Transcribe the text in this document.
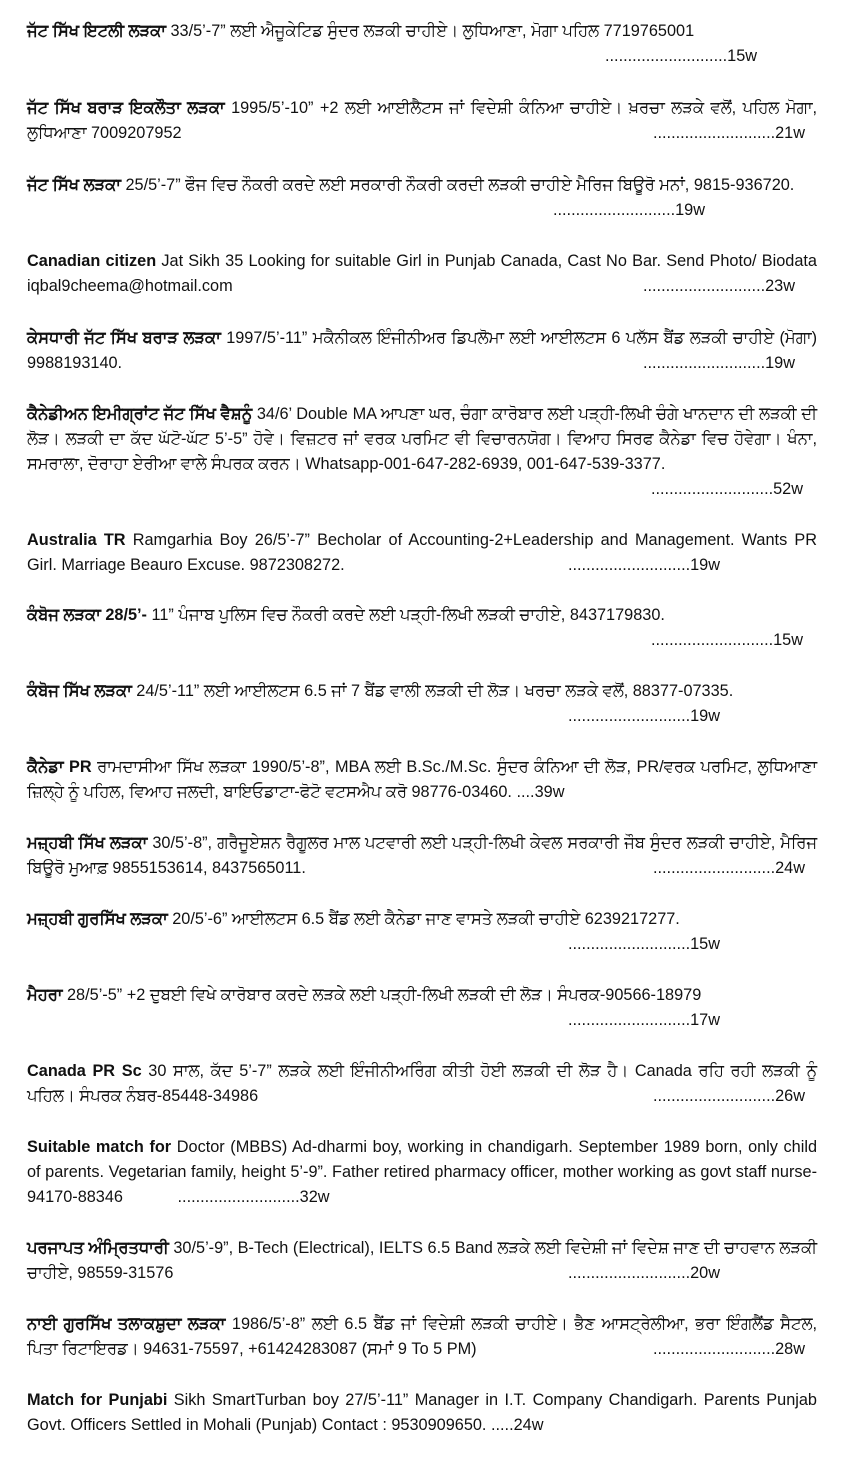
ਜੱਟ ਸਿੱਖ ਇਟਲੀ ਲੜਕਾ 33/5’-7” ਲਈ ਐਜੂਕੇਟਿਡ ਸੁੰਦਰ ਲੜਕੀ ਚਾਹੀਏ। ਲੁਧਿਆਣਾ, ਮੋਗਾ ਪਹਿਲ 7719765001
...........................15w
ਜੱਟ ਸਿੱਖ ਬਰਾੜ ਇਕਲੌਤਾ ਲੜਕਾ 1995/5’-10” +2 ਲਈ ਆਈਲੈਟਸ ਜਾਂ ਵਿਦੇਸ਼ੀ ਕੰਨਿਆ ਚਾਹੀਏ। ਖ਼ਰਚਾ ਲੜਕੇ ਵਲੋਂ, ਪਹਿਲ ਮੋਗਾ, ਲੁਧਿਆਣਾ 7009207952	...........................21w
ਜੱਟ ਸਿੱਖ ਲੜਕਾ 25/5’-7” ਫੌਜ ਵਿਚ ਨੌਕਰੀ ਕਰਦੇ ਲਈ ਸਰਕਾਰੀ ਨੌਕਰੀ ਕਰਦੀ ਲੜਕੀ ਚਾਹੀਏ ਮੈਰਿਜ ਬਿਊਰੋ ਮਨਾਂ, 9815-936720.
...........................19w
Canadian citizen Jat Sikh 35 Looking for suitable Girl in Punjab Canada, Cast No Bar. Send Photo/ Biodata iqbal9cheema@hotmail.com	...........................23w
ਕੇਸਧਾਰੀ ਜੱਟ ਸਿੱਖ ਬਰਾੜ ਲੜਕਾ 1997/5’-11” ਮਕੈਨੀਕਲ ਇੰਜੀਨੀਅਰ ਡਿਪਲੋਮਾ ਲਈ ਆਈਲਟਸ 6 ਪਲੱਸ ਬੈਂਡ ਲੜਕੀ ਚਾਹੀਏ (ਮੋਗਾ) 9988193140.	...........................19w
ਕੈਨੇਡੀਅਨ ਇਮੀਗ੍ਰਾਂਟ ਜੱਟ ਸਿੱਖ ਵੈਸ਼ਨੂੰ 34/6’ Double MA ਆਪਣਾ ਘਰ, ਚੰਗਾ ਕਾਰੋਬਾਰ ਲਈ ਪੜ੍ਹੀ-ਲਿਖੀ ਚੰਗੇ ਖਾਨਦਾਨ ਦੀ ਲੜਕੀ ਦੀ ਲੋੜ। ਲੜਕੀ ਦਾ ਕੱਦ ਘੱਟੋ-ਘੱਟ 5’-5” ਹੋਵੇ। ਵਿਜ਼ਟਰ ਜਾਂ ਵਰਕ ਪਰਮਿਟ ਵੀ ਵਿਚਾਰਨਯੋਗ। ਵਿਆਹ ਸਿਰਫ ਕੈਨੇਡਾ ਵਿਚ ਹੋਵੇਗਾ। ਖੰਨਾ, ਸਮਰਾਲਾ, ਦੋਰਾਹਾ ਏਰੀਆ ਵਾਲੇ ਸੰਪਰਕ ਕਰਨ। Whatsapp-001-647-282-6939, 001-647-539-3377.
...........................52w
Australia TR Ramgarhia Boy 26/5’-7” Becholar of Accounting-2+Leadership and Management. Wants PR Girl. Marriage Beauro Excuse. 9872308272.	...........................19w
ਕੰਬੋਜ ਲੜਕਾ 28/5’- 11” ਪੰਜਾਬ ਪੁਲਿਸ ਵਿਚ ਨੌਕਰੀ ਕਰਦੇ ਲਈ ਪੜ੍ਹੀ-ਲਿਖੀ ਲੜਕੀ ਚਾਹੀਏ, 8437179830.
...........................15w
ਕੰਬੋਜ ਸਿੱਖ ਲੜਕਾ 24/5’-11” ਲਈ ਆਈਲਟਸ 6.5 ਜਾਂ 7 ਬੈਂਡ ਵਾਲੀ ਲੜਕੀ ਦੀ ਲੋੜ। ਖਰਚਾ ਲੜਕੇ ਵਲੋਂ, 88377-07335.
...........................19w
ਕੈਨੇਡਾ PR ਰਾਮਦਾਸੀਆ ਸਿੱਖ ਲੜਕਾ 1990/5’-8”, MBA ਲਈ B.Sc./M.Sc. ਸੁੰਦਰ ਕੰਨਿਆ ਦੀ ਲੋੜ, PR/ਵਰਕ ਪਰਮਿਟ, ਲੁਧਿਆਣਾ ਜ਼ਿਲ੍ਹੇ ਨੂੰ ਪਹਿਲ, ਵਿਆਹ ਜਲਦੀ, ਬਾਇਓਡਾਟਾ-ਫੋਟੋ ਵਟਸਐਪ ਕਰੋ 98776-03460. ....39w
ਮਜ਼੍ਹਬੀ ਸਿੱਖ ਲੜਕਾ 30/5’-8”, ਗਰੈਜੂਏਸ਼ਨ ਰੈਗੂਲਰ ਮਾਲ ਪਟਵਾਰੀ ਲਈ ਪੜ੍ਹੀ-ਲਿਖੀ ਕੇਵਲ ਸਰਕਾਰੀ ਜੌਬ ਸੁੰਦਰ ਲੜਕੀ ਚਾਹੀਏ, ਮੈਰਿਜ ਬਿਊਰੋ ਮੁਆਫ਼ 9855153614, 8437565011.	...........................24w
ਮਜ਼੍ਹਬੀ ਗੁਰਸਿੱਖ ਲੜਕਾ 20/5’-6” ਆਈਲਟਸ 6.5 ਬੈਂਡ ਲਈ ਕੈਨੇਡਾ ਜਾਣ ਵਾਸਤੇ ਲੜਕੀ ਚਾਹੀਏ 6239217277.
...........................15w
ਮੈਹਰਾ 28/5’-5” +2 ਦੁਬਈ ਵਿਖੇ ਕਾਰੋਬਾਰ ਕਰਦੇ ਲੜਕੇ ਲਈ ਪੜ੍ਹੀ-ਲਿਖੀ ਲੜਕੀ ਦੀ ਲੋੜ। ਸੰਪਰਕ-90566-18979
...........................17w
Canada PR Sc 30 ਸਾਲ, ਕੱਦ 5’-7” ਲੜਕੇ ਲਈ ਇੰਜੀਨੀਅਰਿੰਗ ਕੀਤੀ ਹੋਈ ਲੜਕੀ ਦੀ ਲੋੜ ਹੈ। Canada ਰਹਿ ਰਹੀ ਲੜਕੀ ਨੂੰ ਪਹਿਲ। ਸੰਪਰਕ ਨੰਬਰ-85448-34986	...........................26w
Suitable match for Doctor (MBBS) Ad-dharmi boy, working in chandigarh. September 1989 born, only child of parents. Vegetarian family, height 5’-9”. Father retired pharmacy officer, mother working as govt staff nurse- 94170-88346	...........................32w
ਪਰਜਾਪਤ ਅੰਮ੍ਰਿਤਧਾਰੀ 30/5’-9”, B-Tech (Electrical), IELTS 6.5 Band ਲੜਕੇ ਲਈ ਵਿਦੇਸ਼ੀ ਜਾਂ ਵਿਦੇਸ਼ ਜਾਣ ਦੀ ਚਾਹਵਾਨ ਲੜਕੀ ਚਾਹੀਏ, 98559-31576	...........................20w
ਨਾਈ ਗੁਰਸਿੱਖ ਤਲਾਕਸ਼ੁਦਾ ਲੜਕਾ 1986/5’-8” ਲਈ 6.5 ਬੈਂਡ ਜਾਂ ਵਿਦੇਸ਼ੀ ਲੜਕੀ ਚਾਹੀਏ। ਭੈਣ ਆਸਟ੍ਰੇਲੀਆ, ਭਰਾ ਇੰਗਲੈਂਡ ਸੈਟਲ, ਪਿਤਾ ਰਿਟਾਇਰਡ। 94631-75597, +61424283087 (ਸਮਾਂ 9 To 5 PM)	...........................28w
Match for Punjabi Sikh SmartTurban boy 27/5’-11” Manager in I.T. Company Chandigarh. Parents Punjab Govt. Officers Settled in Mohali (Punjab) Contact : 9530909650. .....24w
